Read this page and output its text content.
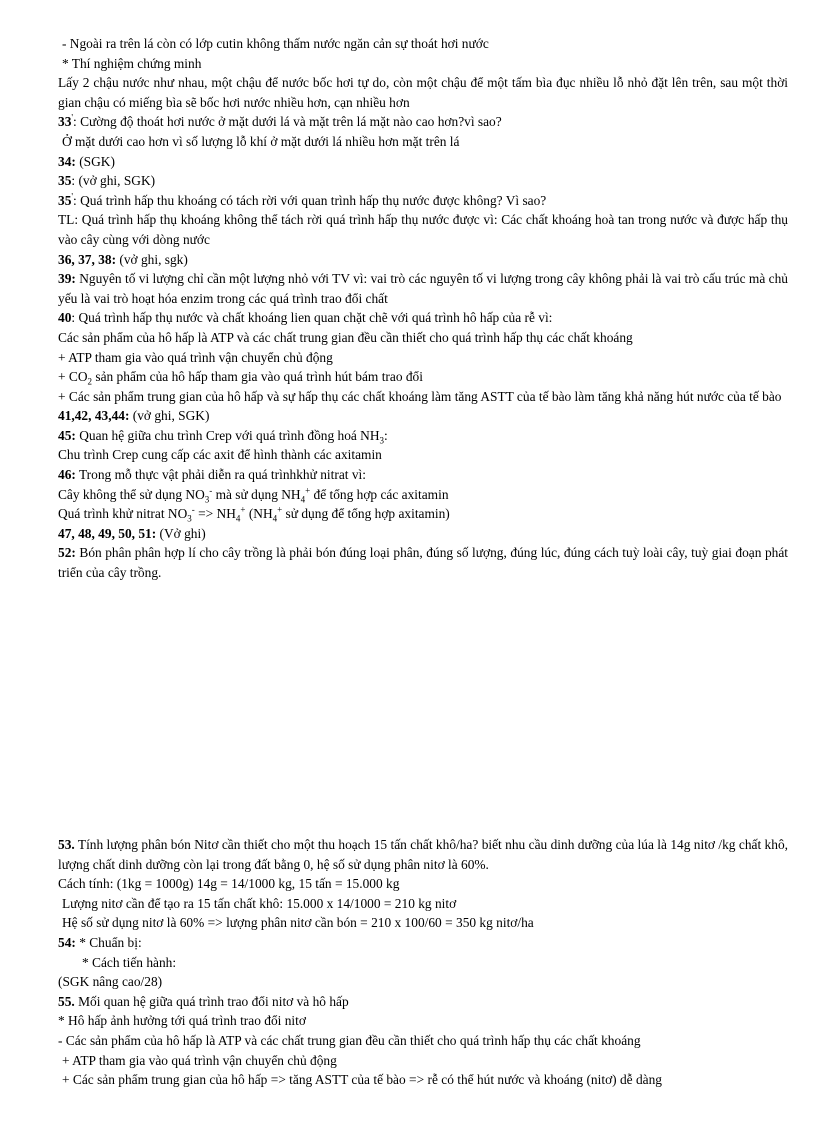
- Ngoài ra trên lá còn có lớp cutin không thấm nước ngăn cản sự thoát hơi nước

* Thí nghiệm chứng minh

Lấy 2 chậu nước như nhau, một chậu để nước bốc hơi tự do, còn một chậu để một tấm bìa đục nhiều lỗ nhỏ đặt lên trên, sau một thời gian chậu có miếng bìa sẽ bốc hơi nước nhiều hơn, cạn nhiều hơn

33': Cường độ thoát hơi nước ở mặt dưới lá và mặt trên lá mặt nào cao hơn?vì sao?

Ở mặt dưới cao hơn vì số lượng lỗ khí ở mặt dưới lá nhiều hơn mặt trên lá

34: (SGK)

35: (vở ghi, SGK)

35': Quá trình hấp thu khoáng có tách rời với quan trình hấp thụ nước được không? Vì sao?

TL: Quá trình hấp thụ khoáng không thể tách rời quá trình hấp thụ nước được vì: Các chất khoáng hoà tan trong nước và được hấp thụ vào cây cùng với dòng nước

36, 37, 38: (vở ghi, sgk)

39: Nguyên tố vi lượng chỉ cần một lượng nhỏ với TV vì: vai trò các nguyên tố vi lượng trong cây không phải là vai trò cấu trúc mà chủ yếu là vai trò hoạt hóa enzim trong các quá trình trao đổi chất

40: Quá trình hấp thụ nước và chất khoáng lien quan chặt chẽ với quá trình hô hấp của rễ vì:

Các sản phẩm của hô hấp là ATP và các chất trung gian đều cần thiết cho quá trình hấp thụ các chất khoáng

+ ATP tham gia vào quá trình vận chuyển chủ động

+ $CO_2$ sản phẩm của hô hấp tham gia vào quá trình hút bám trao đổi

+ Các sản phẩm trung gian của hô hấp và sự hấp thụ các chất khoáng làm tăng ASTT của tế bào làm tăng khả năng hút nước của tế bào

41,42, 43,44: (vở ghi, SGK)

45: Quan hệ giữa chu trình Crep với quá trình đồng hoá $NH_3$:

Chu trình Crep cung cấp các axit để hình thành các axitamin

46: Trong mỗ thực vật phải diễn ra quá trìnhkhử nitrat vì:

Cây không thể sử dụng $NO_3^-$ mà sử dụng $NH_4^+$ để tổng hợp các axitamin

Quá trình khử nitrat $NO_3^- => NH_4^+$ ($NH_4^+$ sử dụng để tổng hợp axitamin)

47, 48, 49, 50, 51: (Vở ghi)

52: Bón phân phân hợp lí cho cây trồng là phải bón đúng loại phân, đúng số lượng, đúng lúc, đúng cách tuỳ loài cây, tuỳ giai đoạn phát triển của cây trồng.

53. Tính lượng phân bón Nitơ cần thiết cho một thu hoạch 15 tấn chất khô/ha? biết nhu cầu dinh dưỡng của lúa là 14g nitơ /kg chất khô, lượng chất dinh dưỡng còn lại trong đất bằng 0, hệ số sử dụng phân nitơ là 60%.

Cách tính: (1kg = 1000g) 14g = 14/1000 kg, 15 tấn = 15.000 kg

Lượng nitơ cần để tạo ra 15 tấn chất khô: 15.000 x 14/1000 = 210 kg nitơ

Hệ số sử dụng nitơ là 60% => lượng phân nitơ cần bón = 210 x 100/60 = 350 kg nitơ/ha

54: * Chuẩn bị:

* Cách tiến hành:

(SGK nâng cao/28)

55. Mối quan hệ giữa quá trình trao đổi nitơ và hô hấp

* Hô hấp ảnh hưởng tới quá trình trao đổi nitơ

- Các sản phẩm của hô hấp là ATP và các chất trung gian đều cần thiết cho quá trình hấp thụ các chất khoáng

+ ATP tham gia vào quá trình vận chuyển chủ động

+ Các sản phẩm trung gian của hô hấp => tăng ASTT của tế bào => rễ có thể hút nước và khoáng (nitơ) dễ dàng
